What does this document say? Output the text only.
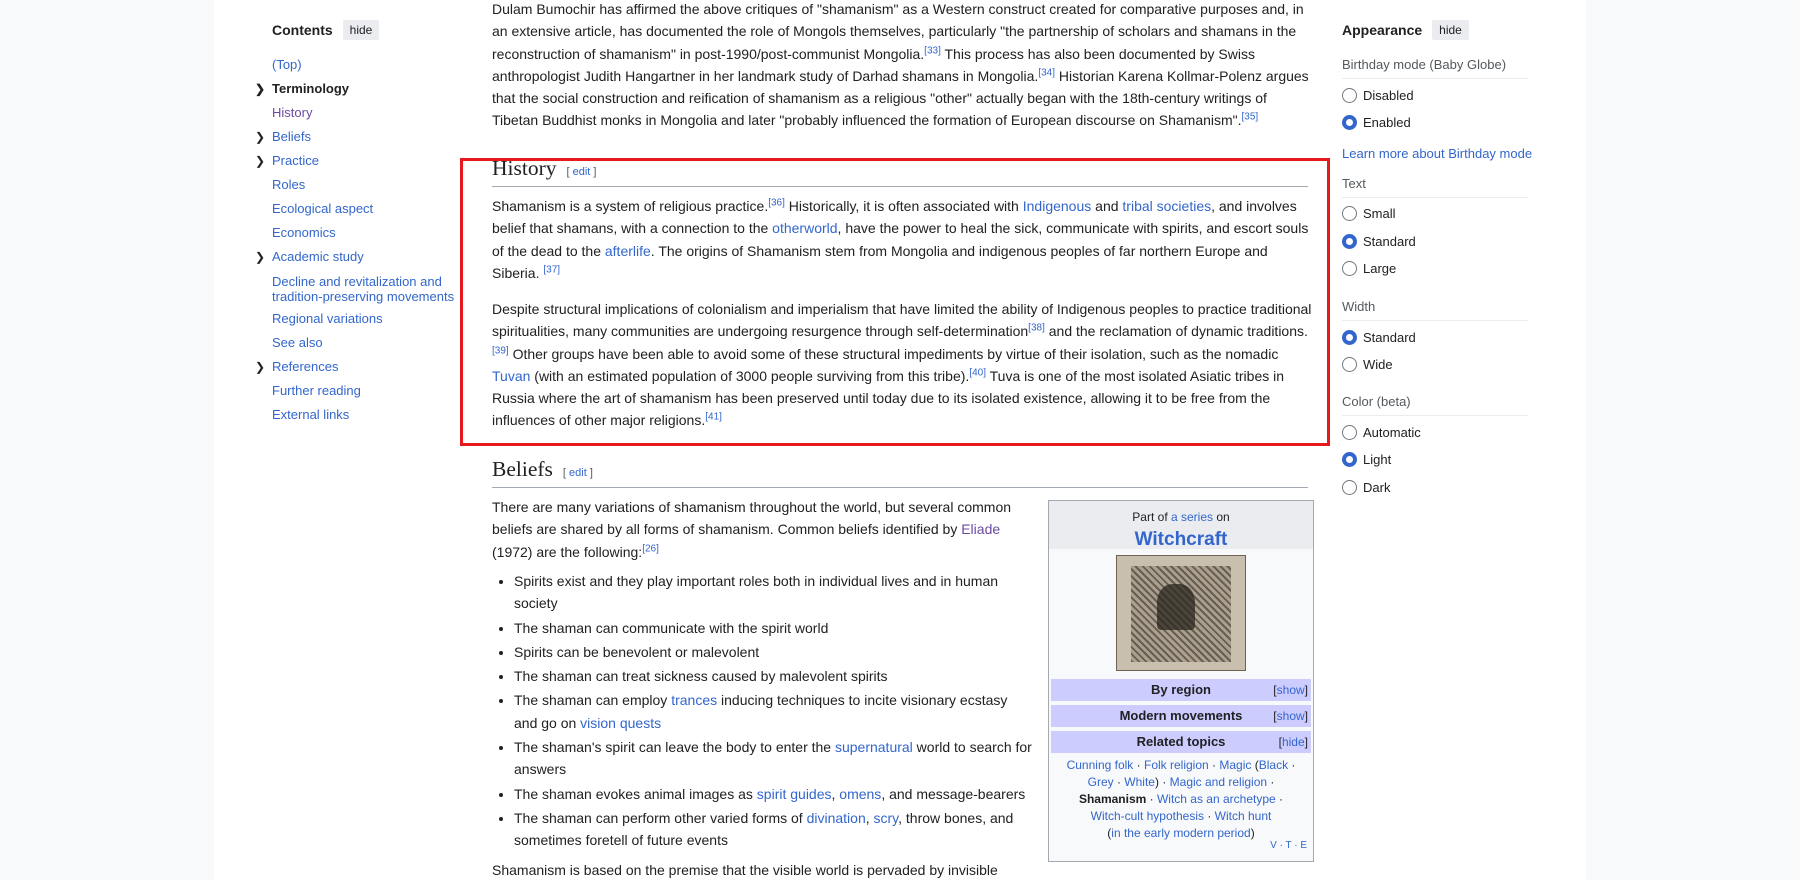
Contents	hide
(Top)
❯ Terminology
History
❯ Beliefs
❯ Practice
Roles
Ecological aspect
Economics
❯ Academic study
Decline and revitalization and tradition-preserving movements
Regional variations
See also
❯ References
Further reading
External links

Dulam Bumochir has affirmed the above critiques of "shamanism" as a Western construct created for comparative purposes and, in an extensive article, has documented the role of Mongols themselves, particularly "the partnership of scholars and shamans in the reconstruction of shamanism" in post-1990/post-communist Mongolia.[33] This process has also been documented by Swiss anthropologist Judith Hangartner in her landmark study of Darhad shamans in Mongolia.[34] Historian Karena Kollmar-Polenz argues that the social construction and reification of shamanism as a religious "other" actually began with the 18th-century writings of Tibetan Buddhist monks in Mongolia and later "probably influenced the formation of European discourse on Shamanism".[35]

History [ edit ]

Shamanism is a system of religious practice.[36] Historically, it is often associated with Indigenous and tribal societies, and involves belief that shamans, with a connection to the otherworld, have the power to heal the sick, communicate with spirits, and escort souls of the dead to the afterlife. The origins of Shamanism stem from Mongolia and indigenous peoples of far northern Europe and Siberia. [37]

Despite structural implications of colonialism and imperialism that have limited the ability of Indigenous peoples to practice traditional spiritualities, many communities are undergoing resurgence through self-determination[38] and the reclamation of dynamic traditions. [39] Other groups have been able to avoid some of these structural impediments by virtue of their isolation, such as the nomadic Tuvan (with an estimated population of 3000 people surviving from this tribe).[40] Tuva is one of the most isolated Asiatic tribes in Russia where the art of shamanism has been preserved until today due to its isolated existence, allowing it to be free from the influences of other major religions.[41]

Beliefs [ edit ]

There are many variations of shamanism throughout the world, but several common beliefs are shared by all forms of shamanism. Common beliefs identified by Eliade (1972) are the following:[26]

• Spirits exist and they play important roles both in individual lives and in human society
• The shaman can communicate with the spirit world
• Spirits can be benevolent or malevolent
• The shaman can treat sickness caused by malevolent spirits
• The shaman can employ trances inducing techniques to incite visionary ecstasy and go on vision quests
• The shaman's spirit can leave the body to enter the supernatural world to search for answers
• The shaman evokes animal images as spirit guides, omens, and message-bearers
• The shaman can perform other varied forms of divination, scry, throw bones, and sometimes foretell of future events

Shamanism is based on the premise that the visible world is pervaded by invisible

Part of a series on
Witchcraft
By region	[show]
Modern movements	[show]
Related topics	[hide]
Cunning folk · Folk religion · Magic (Black · Grey · White) · Magic and religion ·
Shamanism · Witch as an archetype ·
Witch-cult hypothesis · Witch hunt
(in the early modern period)
V · T · E
Appearance	hide
Birthday mode (Baby Globe)
Disabled
Enabled
Learn more about Birthday mode
Text
Small
Standard
Large
Width
Standard
Wide
Color (beta)
Automatic
Light
Dark
